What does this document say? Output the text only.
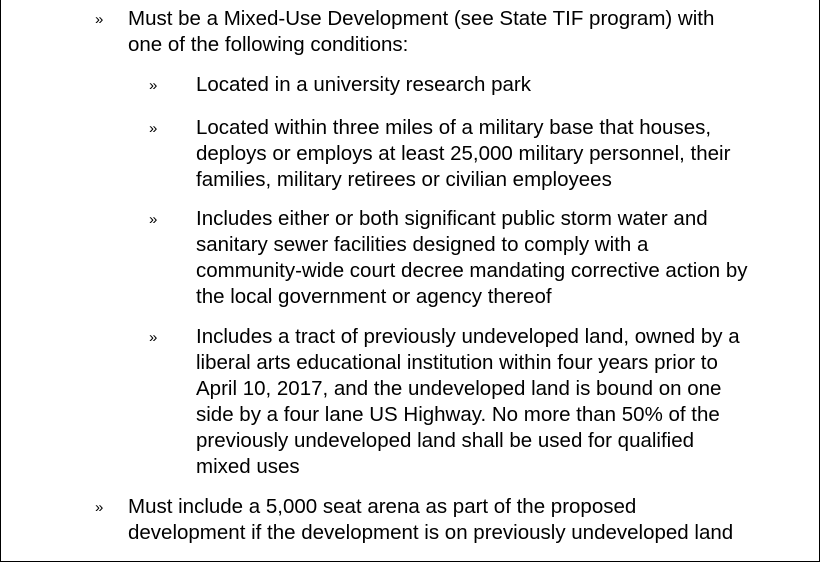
» Must be a Mixed-Use Development (see State TIF program) with
one of the following conditions:
» Located in a university research park
» Located within three miles of a military base that houses,
deploys or employs at least 25,000 military personnel, their
families, military retirees or civilian employees
» Includes either or both significant public storm water and
sanitary sewer facilities designed to comply with a
community-wide court decree mandating corrective action by
the local government or agency thereof
» Includes a tract of previously undeveloped land, owned by a
liberal arts educational institution within four years prior to
April 10, 2017, and the undeveloped land is bound on one
side by a four lane US Highway. No more than 50% of the
previously undeveloped land shall be used for qualified
mixed uses
» Must include a 5,000 seat arena as part of the proposed
development if the development is on previously undeveloped land
